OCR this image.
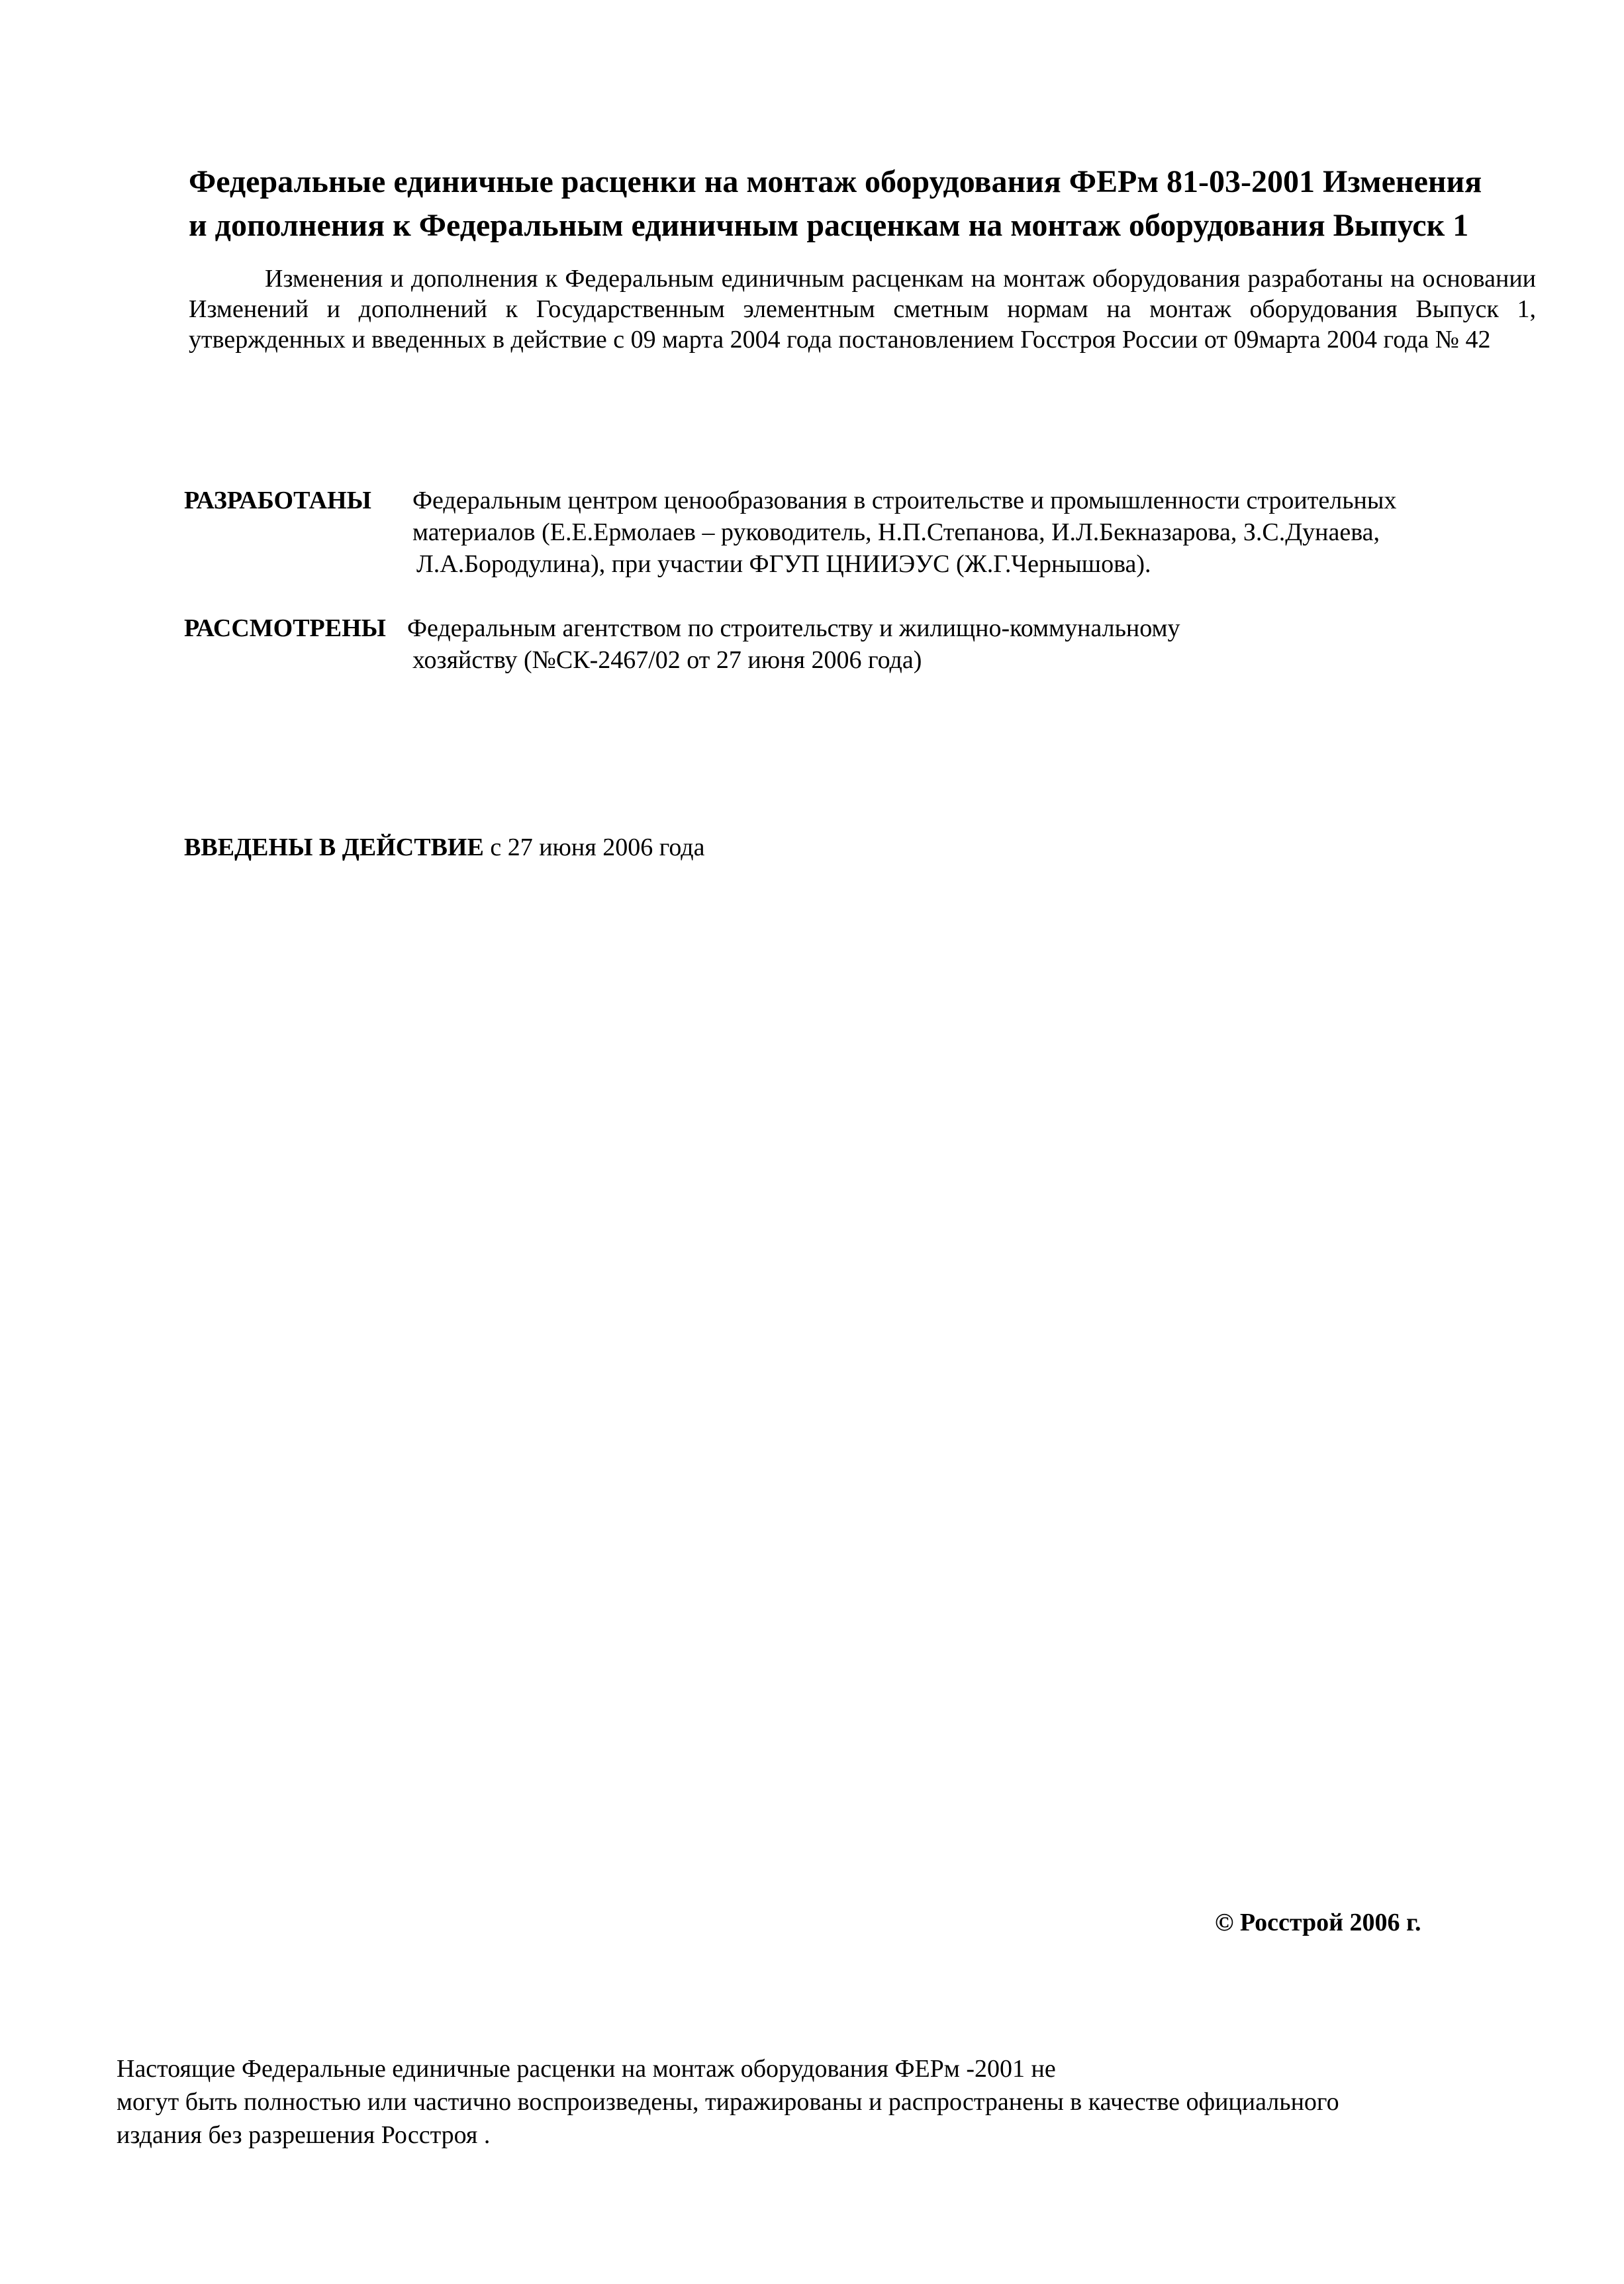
Федеральные единичные расценки на монтаж оборудования ФЕРм 81-03-2001 Изменения
и дополнения к Федеральным единичным расценкам на монтаж оборудования Выпуск 1

Изменения и дополнения к Федеральным единичным расценкам на монтаж оборудования разработаны на основании Изменений и дополнений к Государственным элементным сметным нормам на монтаж оборудования Выпуск 1, утвержденных и введенных в действие с 09 марта 2004 года постановлением Госстроя России от 09марта 2004 года № 42

РАЗРАБОТАНЫ Федеральным центром ценообразования в строительстве и промышленности строительных
материалов (Е.Е.Ермолаев – руководитель, Н.П.Степанова, И.Л.Бекназарова, З.С.Дунаева,
Л.А.Бородулина), при участии ФГУП ЦНИИЭУС (Ж.Г.Чернышова).
РАССМОТРЕНЫ Федеральным агентством по строительству и жилищно-коммунальному
хозяйству (№СК-2467/02 от 27 июня 2006 года)
ВВЕДЕНЫ В ДЕЙСТВИЕ с 27 июня 2006 года
© Росстрой 2006 г.
Настоящие Федеральные единичные расценки на монтаж оборудования ФЕРм -2001 не
могут быть полностью или частично воспроизведены, тиражированы и распространены в качестве официального
издания без разрешения Росстроя .
